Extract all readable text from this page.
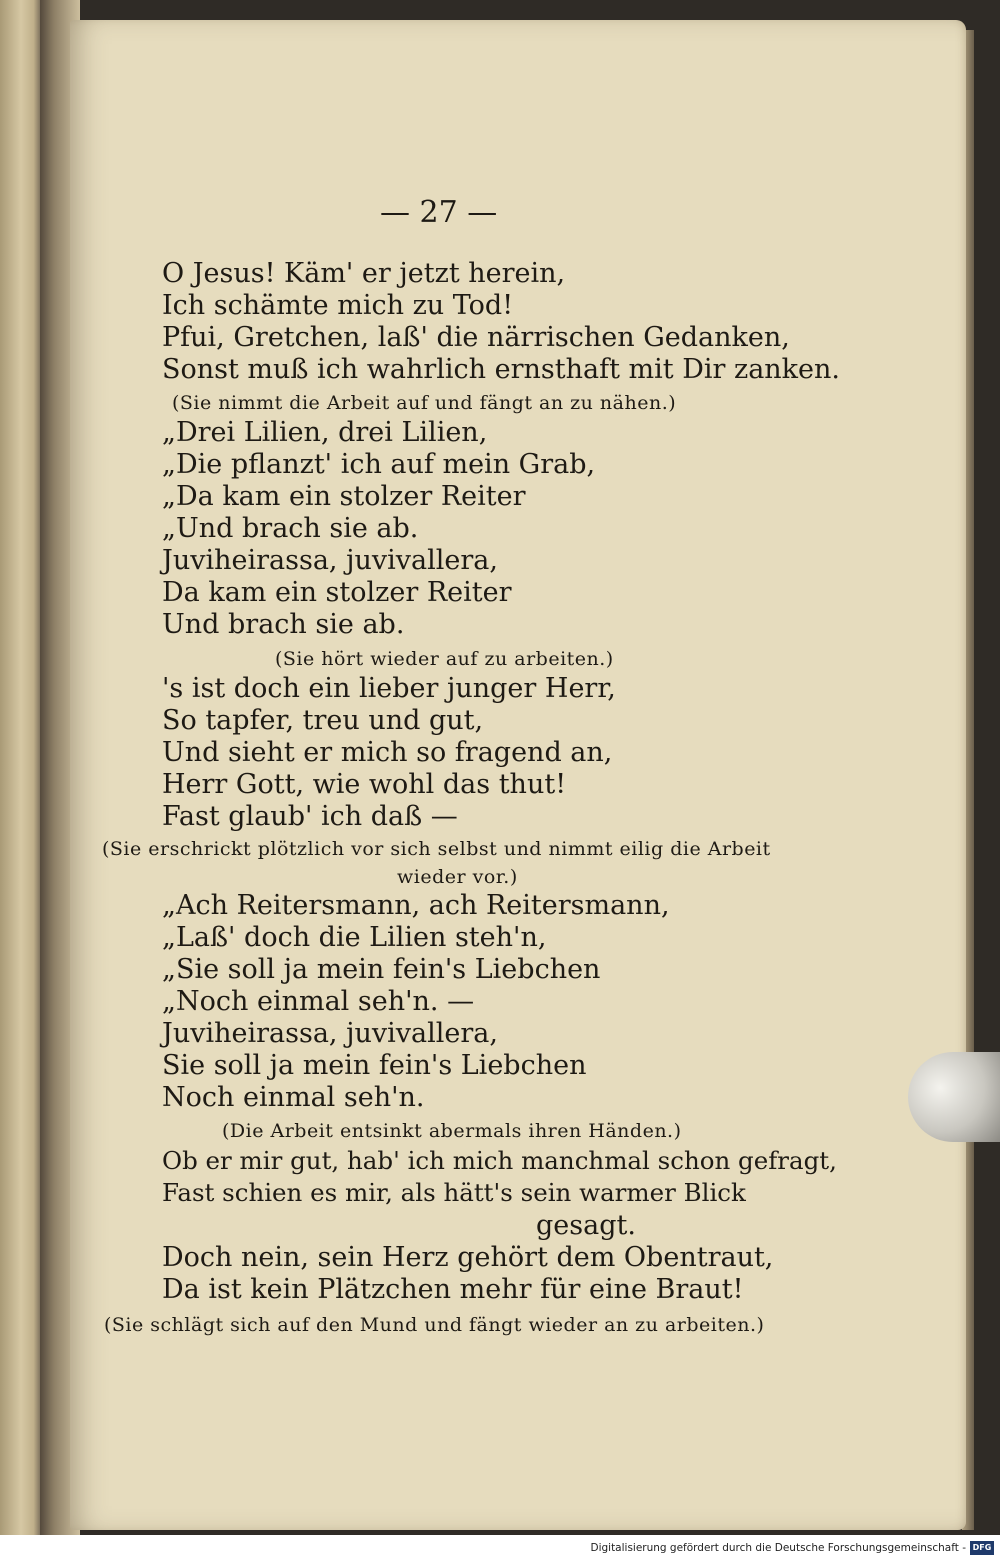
— 27 —
O Jesus! Käm' er jetzt herein,
Ich schämte mich zu Tod!
Pfui, Gretchen, laß' die närrischen Gedanken,
Sonst muß ich wahrlich ernsthaft mit Dir zanken.
(Sie nimmt die Arbeit auf und fängt an zu nähen.)
„Drei Lilien, drei Lilien,
„Die pflanzt' ich auf mein Grab,
„Da kam ein stolzer Reiter
„Und brach sie ab.
Juviheirassa, juvivallera,
Da kam ein stolzer Reiter
Und brach sie ab.
(Sie hört wieder auf zu arbeiten.)
's ist doch ein lieber junger Herr,
So tapfer, treu und gut,
Und sieht er mich so fragend an,
Herr Gott, wie wohl das thut!
Fast glaub' ich daß —
(Sie erschrickt plötzlich vor sich selbst und nimmt eilig die Arbeit
wieder vor.)
„Ach Reitersmann, ach Reitersmann,
„Laß' doch die Lilien steh'n,
„Sie soll ja mein fein's Liebchen
„Noch einmal seh'n. —
Juviheirassa, juvivallera,
Sie soll ja mein fein's Liebchen
Noch einmal seh'n.
(Die Arbeit entsinkt abermals ihren Händen.)
Ob er mir gut, hab' ich mich manchmal schon gefragt,
Fast schien es mir, als hätt's sein warmer Blick
gesagt.
Doch nein, sein Herz gehört dem Obentraut,
Da ist kein Plätzchen mehr für eine Braut!
(Sie schlägt sich auf den Mund und fängt wieder an zu arbeiten.)
Digitalisierung gefördert durch die Deutsche Forschungsgemeinschaft - DFG
